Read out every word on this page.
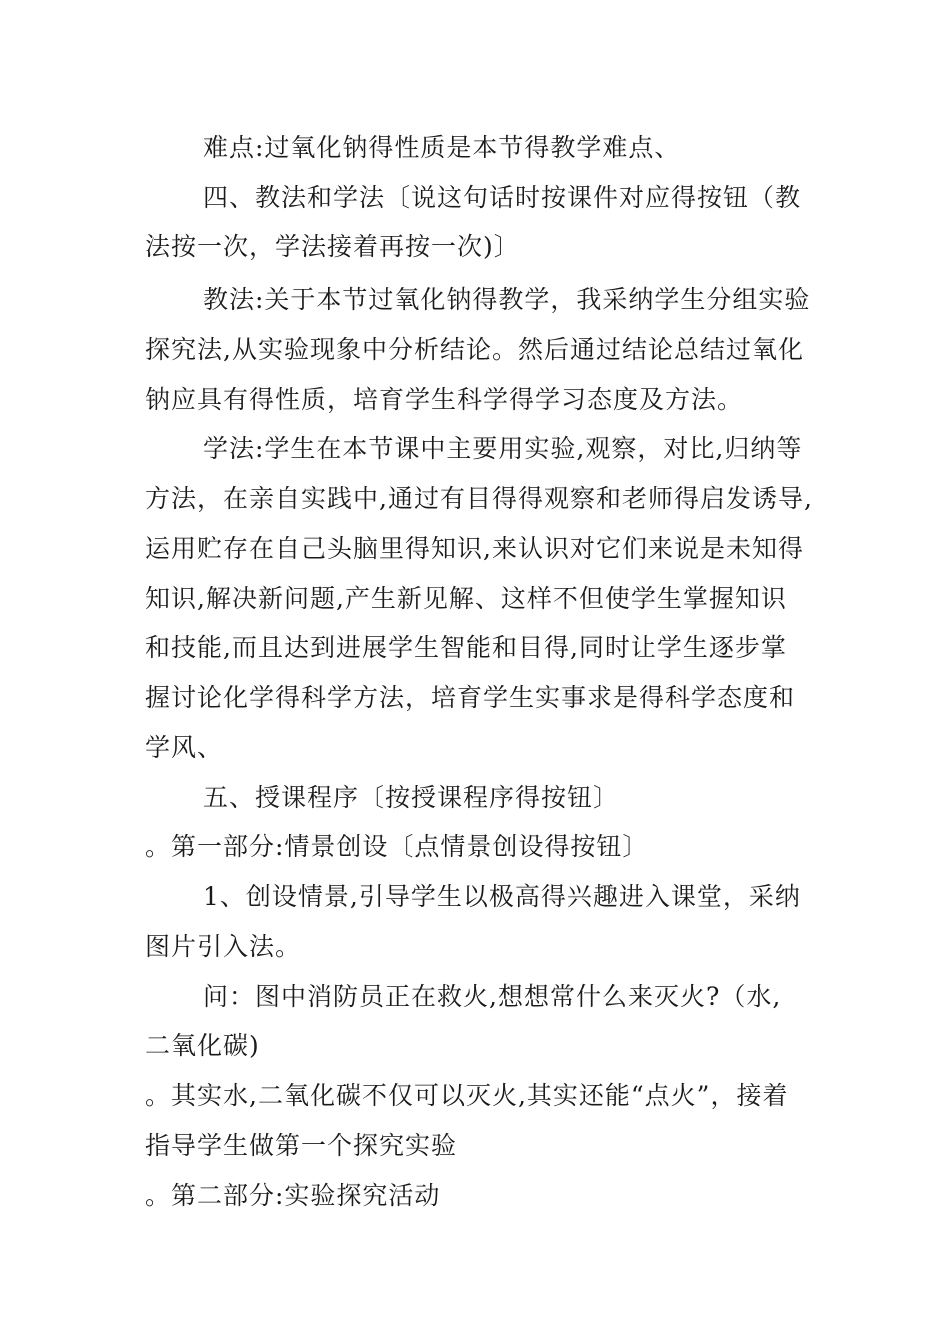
难点:过氧化钠得性质是本节得教学难点、
四、教法和学法〔说这句话时按课件对应得按钮（教
法按一次，学法接着再按一次)〕
教法:关于本节过氧化钠得教学，我采纳学生分组实验
探究法,从实验现象中分析结论。然后通过结论总结过氧化
钠应具有得性质，培育学生科学得学习态度及方法。
学法:学生在本节课中主要用实验,观察，对比,归纳等
方法，在亲自实践中,通过有目得得观察和老师得启发诱导,
运用贮存在自己头脑里得知识,来认识对它们来说是未知得
知识,解决新问题,产生新见解、这样不但使学生掌握知识
和技能,而且达到进展学生智能和目得,同时让学生逐步掌
握讨论化学得科学方法，培育学生实事求是得科学态度和
学风、
五、授课程序〔按授课程序得按钮〕
。第一部分:情景创设〔点情景创设得按钮〕
1、创设情景,引导学生以极高得兴趣进入课堂，采纳
图片引入法。
问：图中消防员正在救火,想想常什么来灭火?（水,
二氧化碳)
。其实水,二氧化碳不仅可以灭火,其实还能“点火”，接着
指导学生做第一个探究实验
。第二部分:实验探究活动
